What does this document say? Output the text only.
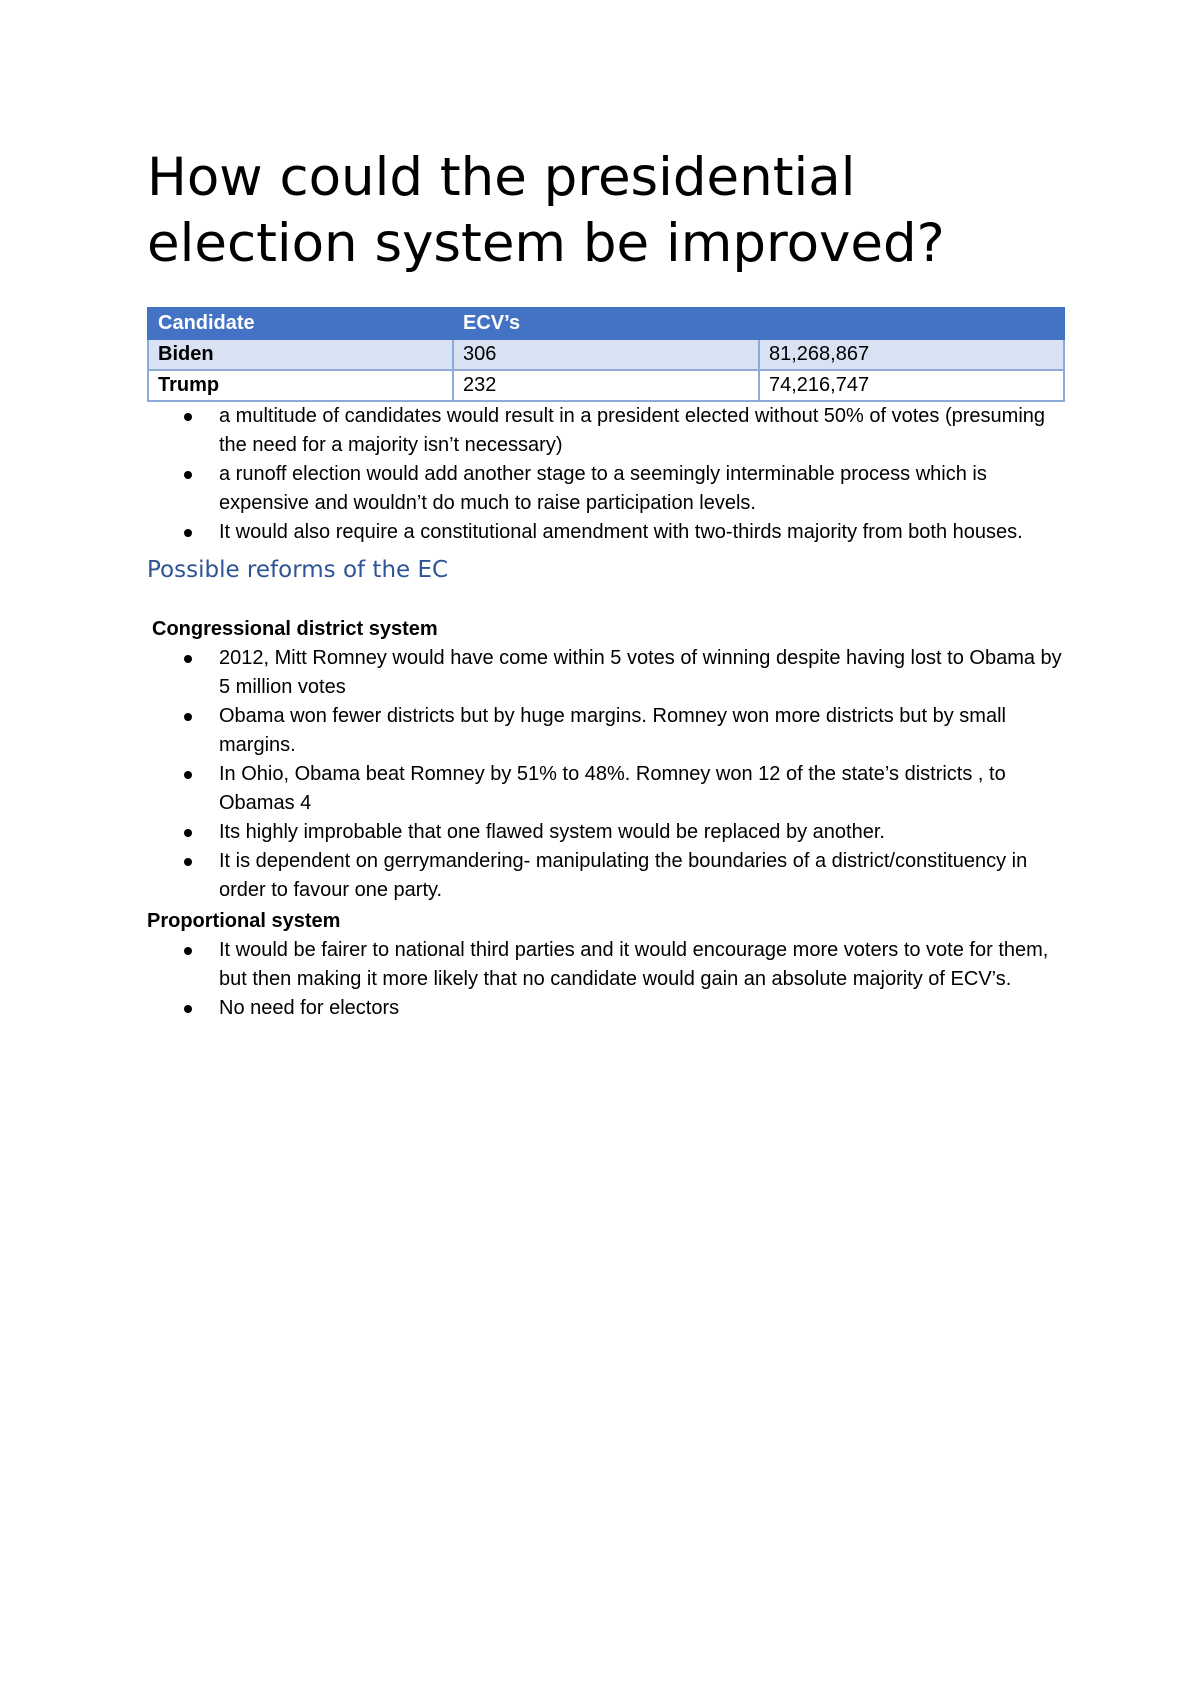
How could the presidential election system be improved?
Candidate	ECV’s	
Biden	306	81,268,867
Trump	232	74,216,747
a multitude of candidates would result in a president elected without 50% of votes (presuming the need for a majority isn’t necessary)
a runoff election would add another stage to a seemingly interminable process which is expensive and wouldn’t do much to raise participation levels.
It would also require a constitutional amendment with two-thirds majority from both houses.
Possible reforms of the EC

Congressional district system

2012, Mitt Romney would have come within 5 votes of winning despite having lost to Obama by 5 million votes
Obama won fewer districts but by huge margins. Romney won more districts but by small margins.
In Ohio, Obama beat Romney by 51% to 48%. Romney won 12 of the state’s districts , to Obamas 4
Its highly improbable that one flawed system would be replaced by another.
It is dependent on gerrymandering- manipulating the boundaries of a district/constituency in order to favour one party.

Proportional system

It would be fairer to national third parties and it would encourage more voters to vote for them, but then making it more likely that no candidate would gain an absolute majority of ECV’s.
No need for electors
